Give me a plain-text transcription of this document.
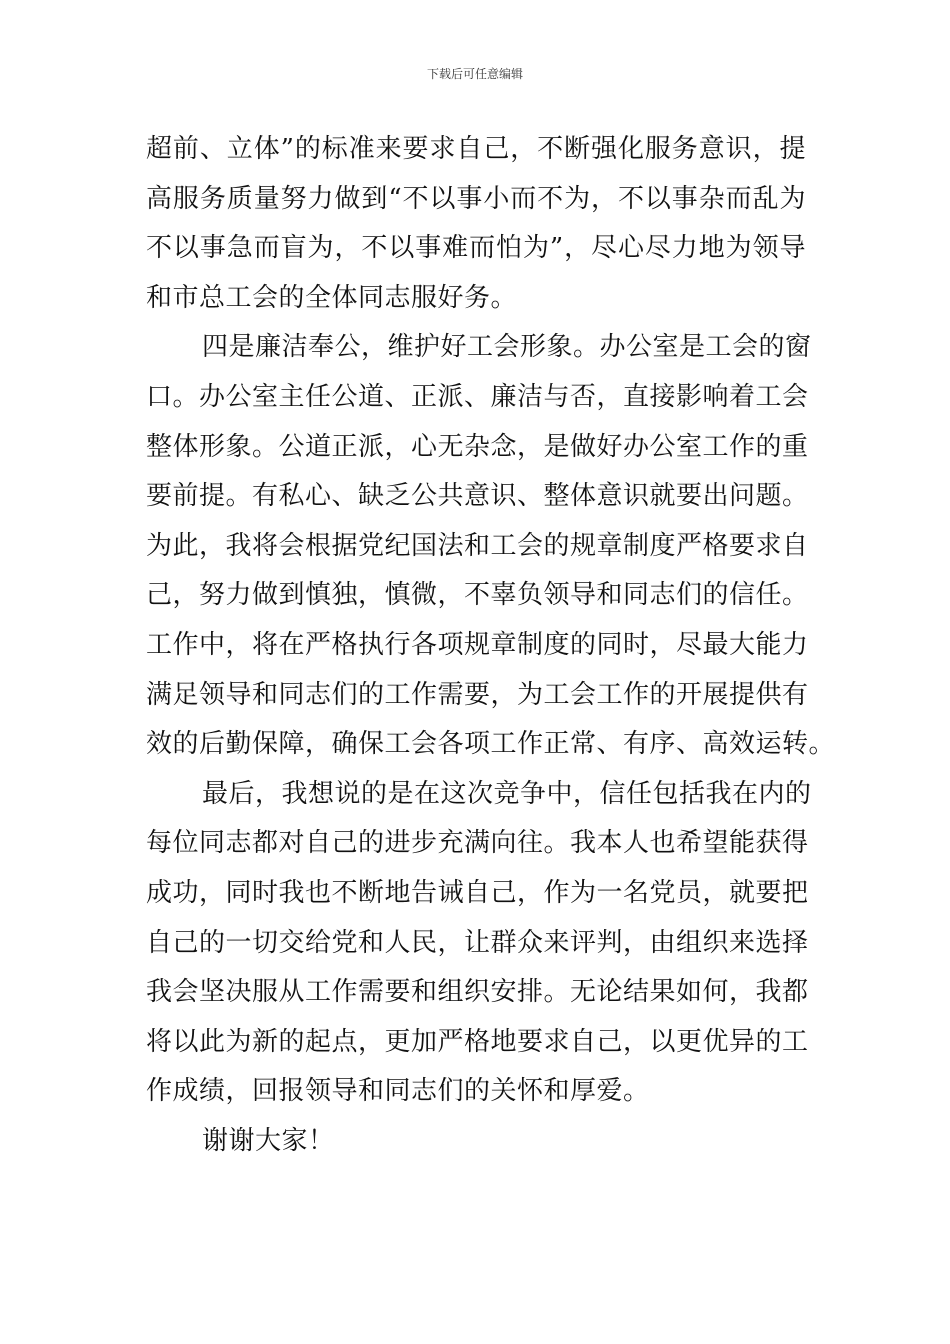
下载后可任意编辑
超前、立体”的标准来要求自己，不断强化服务意识，提
高服务质量努力做到“不以事小而不为，不以事杂而乱为
不以事急而盲为，不以事难而怕为”，尽心尽力地为领导
和市总工会的全体同志服好务。
四是廉洁奉公，维护好工会形象。办公室是工会的窗
口。办公室主任公道、正派、廉洁与否，直接影响着工会
整体形象。公道正派，心无杂念，是做好办公室工作的重
要前提。有私心、缺乏公共意识、整体意识就要出问题。
为此，我将会根据党纪国法和工会的规章制度严格要求自
己，努力做到慎独，慎微，不辜负领导和同志们的信任。
工作中，将在严格执行各项规章制度的同时，尽最大能力
满足领导和同志们的工作需要，为工会工作的开展提供有
效的后勤保障，确保工会各项工作正常、有序、高效运转。
最后，我想说的是在这次竞争中，信任包括我在内的
每位同志都对自己的进步充满向往。我本人也希望能获得
成功，同时我也不断地告诫自己，作为一名党员，就要把
自己的一切交给党和人民，让群众来评判，由组织来选择
我会坚决服从工作需要和组织安排。无论结果如何，我都
将以此为新的起点，更加严格地要求自己，以更优异的工
作成绩，回报领导和同志们的关怀和厚爱。
谢谢大家！
